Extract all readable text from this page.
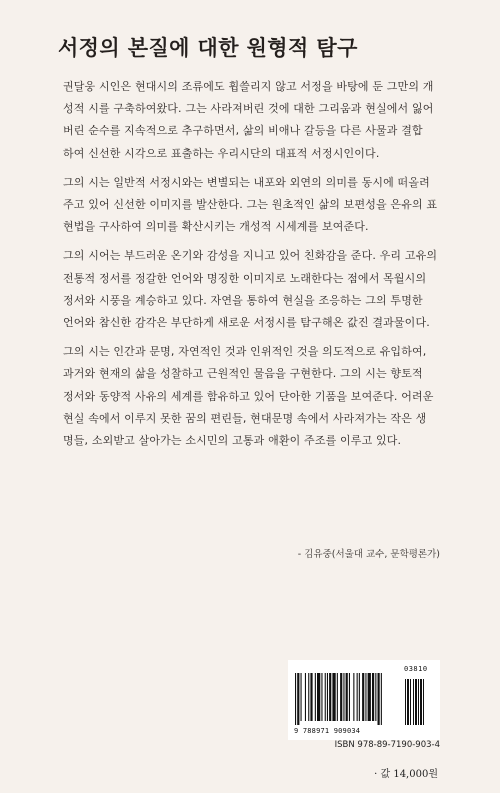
서정의 본질에 대한 원형적 탐구

권달웅 시인은 현대시의 조류에도 휩쓸리지 않고 서정을 바탕에 둔 그만의 개
성적 시를 구축하여왔다. 그는 사라져버린 것에 대한 그리움과 현실에서 잃어
버린 순수를 지속적으로 추구하면서, 삶의 비애나 갈등을 다른 사물과 결합
하여 신선한 시각으로 표출하는 우리시단의 대표적 서정시인이다.

그의 시는 일반적 서정시와는 변별되는 내포와 외연의 의미를 동시에 떠올려
주고 있어 신선한 이미지를 발산한다. 그는 원초적인 삶의 보편성을 은유의 표
현법을 구사하여 의미를 확산시키는 개성적 시세계를 보여준다.

그의 시어는 부드러운 온기와 감성을 지니고 있어 친화감을 준다. 우리 고유의
전통적 정서를 정갈한 언어와 명징한 이미지로 노래한다는 점에서 목월시의
정서와 시풍을 계승하고 있다. 자연을 통하여 현실을 조응하는 그의 투명한
언어와 참신한 감각은 부단하게 새로운 서정시를 탐구해온 값진 결과물이다.

그의 시는 인간과 문명, 자연적인 것과 인위적인 것을 의도적으로 유입하여,
과거와 현재의 삶을 성찰하고 근원적인 물음을 구현한다. 그의 시는 향토적
정서와 동양적 사유의 세계를 함유하고 있어 단아한 기품을 보여준다. 어려운
현실 속에서 이루지 못한 꿈의 편린들, 현대문명 속에서 사라져가는 작은 생
명들, 소외받고 살아가는 소시민의 고통과 애환이 주조를 이루고 있다.

- 김유중(서울대 교수, 문학평론가)
03810
9 788971 909034
ISBN 978-89-7190-903-4
· 값 14,000원
